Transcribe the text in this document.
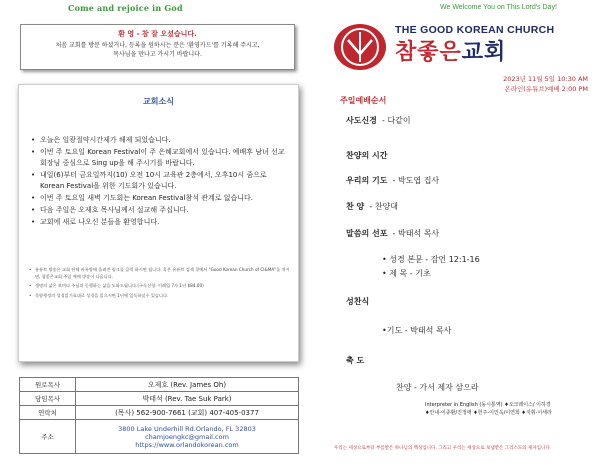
Come and rejoice in God
환 영 - 참 잘 오셨습니다.
처음 교회를 방문 하셨거나, 등록을 원하시는 분은 '환영카드'를 기록해 주시고,
목사님을 만나고 가시기 바랍니다.
교회소식
• 오늘은 일광절약시간제가 해제 되었습니다.
• 이번 주 토요일 Korean Festival이 주 은혜교회에서 있습니다. 예배후 남녀 선교 회장님 중심으로 Sing up을 해 주시기를 바랍니다.
• 내일(6)부터 금요일까지(10) 오전 10시 교육관 2층에서, 오후10시 줌으로 Korean Festival을 위한 기도회가 있습니다.
• 이번 주 토요일 새벽 기도회는 Korean Festival참석 관계로 없습니다.
• 다음 주일은 오제호 목사님께서 설교해 주십니다.
• 교회에 새로 나오신 분들을 환영합니다.
• 유튜브 방송은 교회 단체 카톡방에 올려진 링크를 클릭 하시면 됩니다. 혹은 유튜브 검색 창에서 "Good Korean Church of CI&MA"를 치시면, 참좋은교회 주일 예배 방송이 나옵니다.
• 생명의 삶은 보며다 주님과 동행하는 삶을 도와드립니다.(구독신청: 이레엄 7자 1년 $84.00)
• 목양행정의 성경읽기표대로 성경을 읽으시면 1년에 일독하실수 있습니다.
원로목사	오제호 (Rev. James Oh)
담임목사	박태석 (Rev. Tae Suk Park)
연락처	(목사) 562-900-7661 (교회) 407-405-0377
주소	3800 Lake Underhill Rd.Orlando, FL 32803
chamjoengkc@gmail.com
https://www.orlandokorean.com
We Welcome You on This Lord's Day!
THE GOOD KOREAN CHURCH
참좋은교회
2023년 11월 5일 10:30 AM
온라인(유튜브)예배 2:00 PM
주일예배순서
사도신경 - 다같이
찬양의 시간
우리의 기도 - 박도엽 집사
찬 양 - 찬양대
말씀의 선포 - 박태석 목사
• 성경 본문 - 잠언 12:1-16
• 제 목 - 기초
성찬식
•기도 - 박태석 목사
축 도
찬양 - 가서 제자 삼으라
Interpreter in English (동시통역) ♦오크레이스/ 이하경
♦안내-이종환/진정애 ♦헌주-이인옥/이연희 ♦지휘-이세라
우리는 세상으로부터 부름받은 하나님의 백성입니다. 그리고 우리는 세상으로 보냄받은 그리스도의 제자입니다.
